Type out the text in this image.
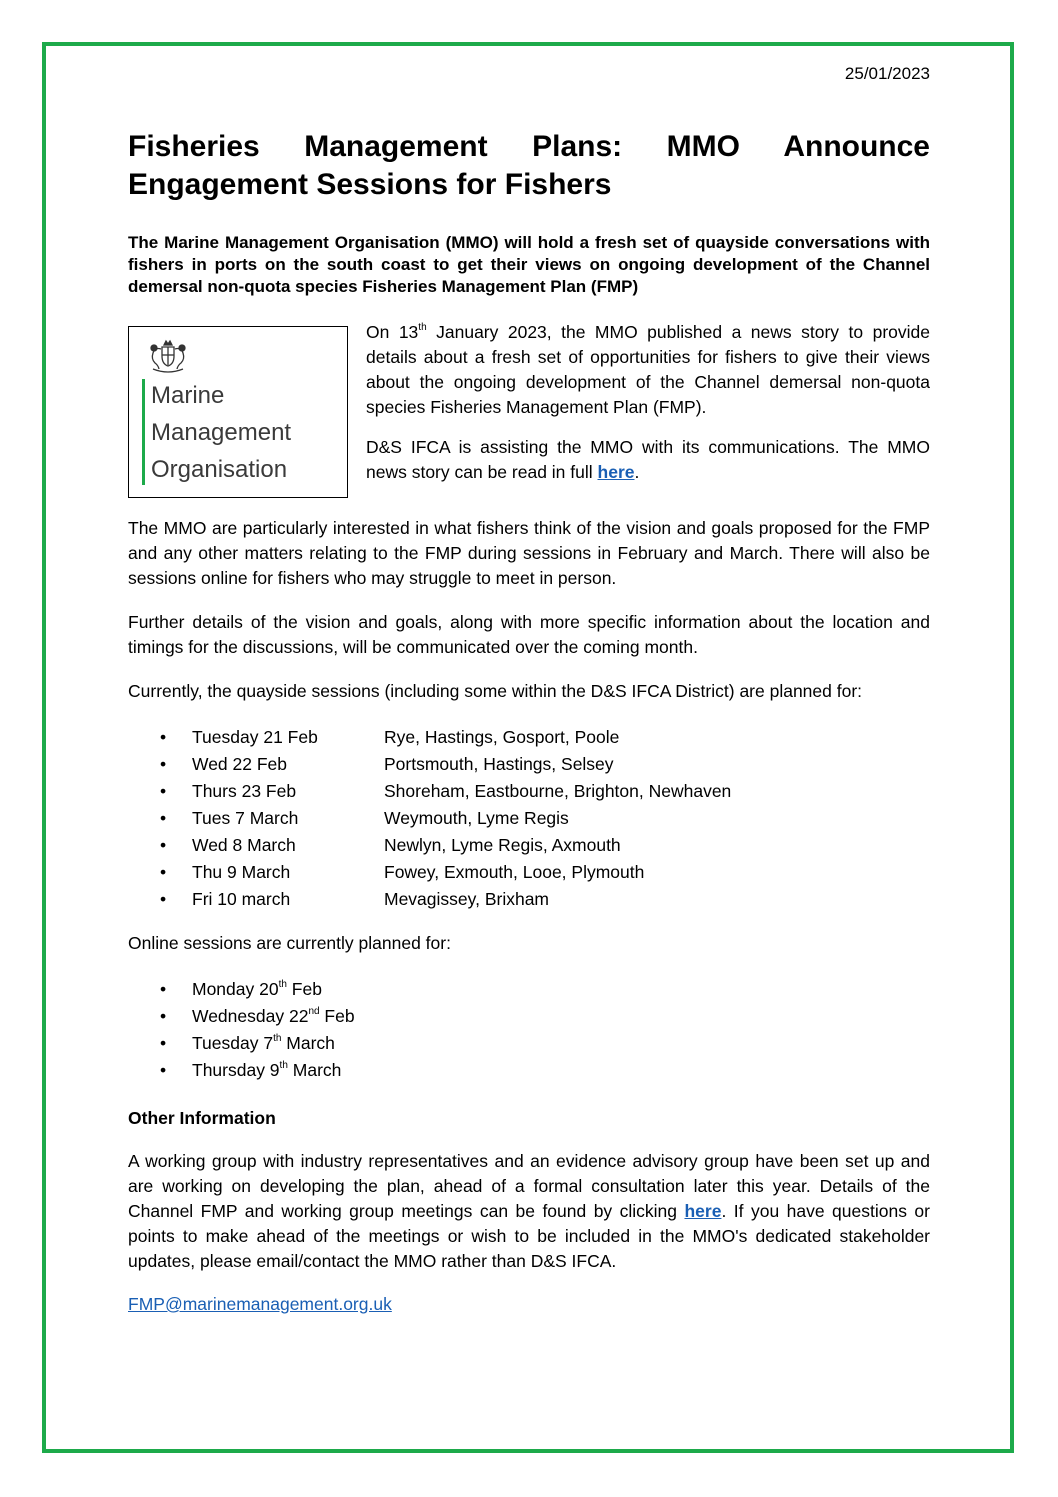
25/01/2023
Fisheries Management Plans: MMO Announce Engagement Sessions for Fishers

The Marine Management Organisation (MMO) will hold a fresh set of quayside conversations with fishers in ports on the south coast to get their views on ongoing development of the Channel demersal non-quota species Fisheries Management Plan (FMP)

Marine
Management
Organisation

On 13th January 2023, the MMO published a news story to provide details about a fresh set of opportunities for fishers to give their views about the ongoing development of the Channel demersal non-quota species Fisheries Management Plan (FMP).

D&S IFCA is assisting the MMO with its communications. The MMO news story can be read in full here.

The MMO are particularly interested in what fishers think of the vision and goals proposed for the FMP and any other matters relating to the FMP during sessions in February and March. There will also be sessions online for fishers who may struggle to meet in person.

Further details of the vision and goals, along with more specific information about the location and timings for the discussions, will be communicated over the coming month.

Currently, the quayside sessions (including some within the D&S IFCA District) are planned for:

•	Tuesday 21 Feb	Rye, Hastings, Gosport, Poole
•	Wed 22 Feb	Portsmouth, Hastings, Selsey
•	Thurs 23 Feb	Shoreham, Eastbourne, Brighton, Newhaven
•	Tues 7 March	Weymouth, Lyme Regis
•	Wed 8 March	Newlyn, Lyme Regis, Axmouth
•	Thu 9 March	Fowey, Exmouth, Looe, Plymouth
•	Fri 10 march	Mevagissey, Brixham

Online sessions are currently planned for:

•	Monday 20th Feb
•	Wednesday 22nd Feb
•	Tuesday 7th March
•	Thursday 9th March
Other Information

A working group with industry representatives and an evidence advisory group have been set up and are working on developing the plan, ahead of a formal consultation later this year. Details of the Channel FMP and working group meetings can be found by clicking here. If you have questions or points to make ahead of the meetings or wish to be included in the MMO's dedicated stakeholder updates, please email/contact the MMO rather than D&S IFCA.

FMP@marinemanagement.org.uk
